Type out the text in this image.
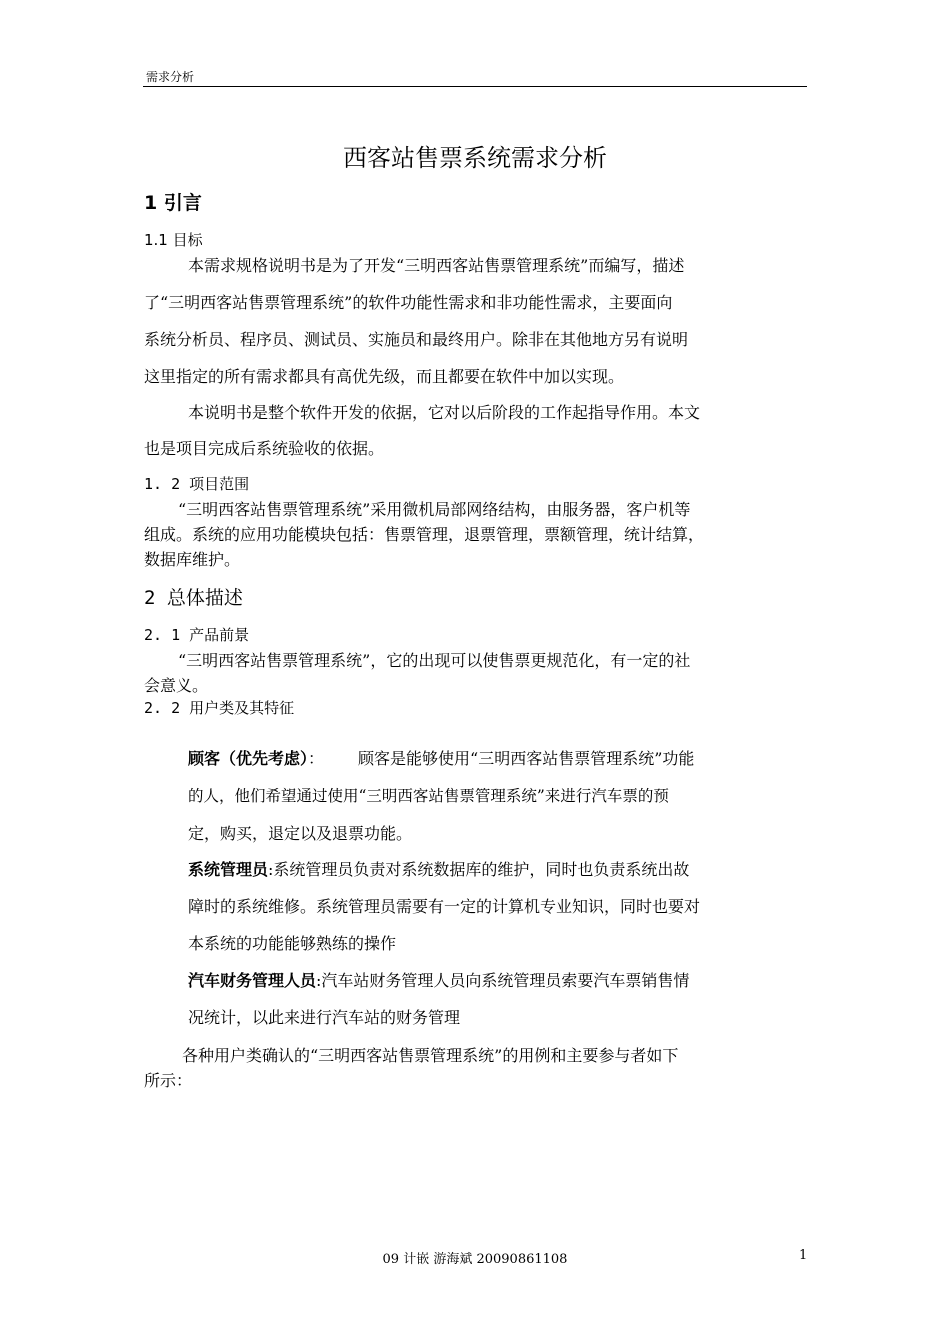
需求分析
西客站售票系统需求分析
1 引言
1.1 目标
本需求规格说明书是为了开发“三明西客站售票管理系统”而编写，描述
了“三明西客站售票管理系统”的软件功能性需求和非功能性需求，主要面向
系统分析员、程序员、测试员、实施员和最终用户。除非在其他地方另有说明
这里指定的所有需求都具有高优先级，而且都要在软件中加以实现。
本说明书是整个软件开发的依据，它对以后阶段的工作起指导作用。本文
也是项目完成后系统验收的依据。
1. 2 项目范围
“三明西客站售票管理系统”采用微机局部网络结构，由服务器，客户机等
组成。系统的应用功能模块包括：售票管理，退票管理，票额管理，统计结算，
数据库维护。
2 总体描述
2. 1 产品前景
“三明西客站售票管理系统”，它的出现可以使售票更规范化，有一定的社
会意义。
2. 2 用户类及其特征
顾客（优先考虑）： 顾客是能够使用“三明西客站售票管理系统”功能
的人，他们希望通过使用“三明西客站售票管理系统”来进行汽车票的预
定，购买，退定以及退票功能。
系统管理员:系统管理员负责对系统数据库的维护，同时也负责系统出故
障时的系统维修。系统管理员需要有一定的计算机专业知识，同时也要对
本系统的功能能够熟练的操作
汽车财务管理人员:汽车站财务管理人员向系统管理员索要汽车票销售情
况统计，以此来进行汽车站的财务管理
各种用户类确认的“三明西客站售票管理系统”的用例和主要参与者如下
所示：
09 计嵌 游海斌 20090861108	1
